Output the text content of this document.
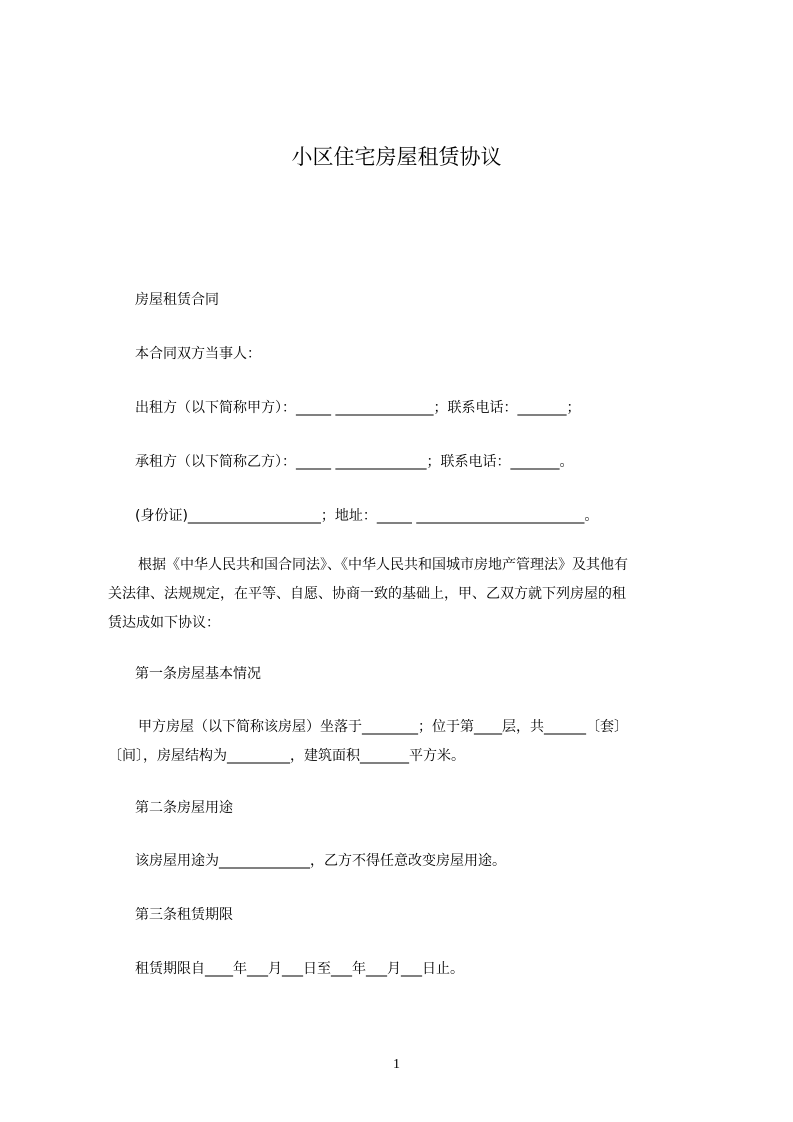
小区住宅房屋租赁协议

房屋租赁合同

本合同双方当事人：

出租方（以下简称甲方）：_____ ______________；联系电话：_______；

承租方（以下简称乙方）：_____ _____________；联系电话：_______。

(身份证)___________________；地址：_____ ________________________。

根据《中华人民共和国合同法》、《中华人民共和国城市房地产管理法》及其他有
关法律、法规规定，在平等、自愿、协商一致的基础上，甲、乙双方就下列房屋的租
赁达成如下协议：

第一条房屋基本情况

甲方房屋（以下简称该房屋）坐落于________；位于第____层，共______〔套〕
〔间〕，房屋结构为_________，建筑面积_______平方米。

第二条房屋用途

该房屋用途为_____________，乙方不得任意改变房屋用途。

第三条租赁期限

租赁期限自____年___月___日至___年___月___日止。

1
